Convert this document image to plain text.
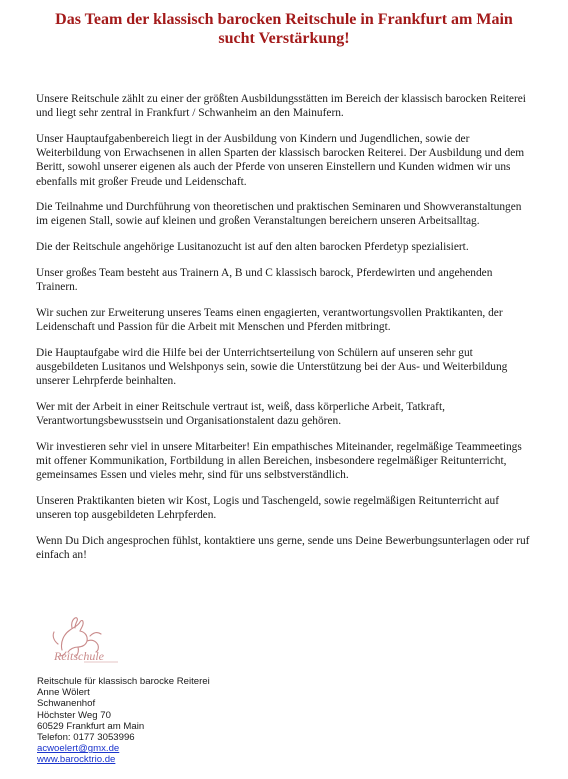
Das Team der klassisch barocken Reitschule in Frankfurt am Main
sucht Verstärkung!

Unsere Reitschule zählt zu einer der größten Ausbildungsstätten im Bereich der klassisch barocken Reiterei und liegt sehr zentral in Frankfurt / Schwanheim an den Mainufern.

Unser Hauptaufgabenbereich liegt in der Ausbildung von Kindern und Jugendlichen, sowie der Weiterbildung von Erwachsenen in allen Sparten der klassisch barocken Reiterei. Der Ausbildung und dem Beritt, sowohl unserer eigenen als auch der Pferde von unseren Einstellern und Kunden widmen wir uns ebenfalls mit großer Freude und Leidenschaft.

Die Teilnahme und Durchführung von theoretischen und praktischen Seminaren und Showveranstaltungen im eigenen Stall, sowie auf kleinen und großen Veranstaltungen bereichern unseren Arbeitsalltag.

Die der Reitschule angehörige Lusitanozucht ist auf den alten barocken Pferdetyp spezialisiert.

Unser großes Team besteht aus Trainern A, B und C klassisch barock, Pferdewirten und angehenden Trainern.

Wir suchen zur Erweiterung unseres Teams einen engagierten, verantwortungsvollen Praktikanten, der Leidenschaft und Passion für die Arbeit mit Menschen und Pferden mitbringt.

Die Hauptaufgabe wird die Hilfe bei der Unterrichtserteilung von Schülern auf unseren sehr gut ausgebildeten Lusitanos und Welshponys sein, sowie die Unterstützung bei der Aus- und Weiterbildung unserer Lehrpferde beinhalten.

Wer mit der Arbeit in einer Reitschule vertraut ist, weiß, dass körperliche Arbeit, Tatkraft, Verantwortungsbewusstsein und Organisationstalent dazu gehören.

Wir investieren sehr viel in unsere Mitarbeiter! Ein empathisches Miteinander, regelmäßige Teammeetings mit offener Kommunikation, Fortbildung in allen Bereichen, insbesondere regelmäßiger Reitunterricht, gemeinsames Essen und vieles mehr, sind für uns selbstverständlich.

Unseren Praktikanten bieten wir Kost, Logis und Taschengeld, sowie regelmäßigen Reitunterricht auf unseren top ausgebildeten Lehrpferden.

Wenn Du Dich angesprochen fühlst, kontaktiere uns gerne, sende uns Deine Bewerbungsunterlagen oder ruf einfach an!

Reitschule
Reitschule für klassisch barocke Reiterei
Anne Wölert
Schwanenhof
Höchster Weg 70
60529 Frankfurt am Main
Telefon: 0177 3053996
acwoelert@gmx.de
www.barocktrio.de
